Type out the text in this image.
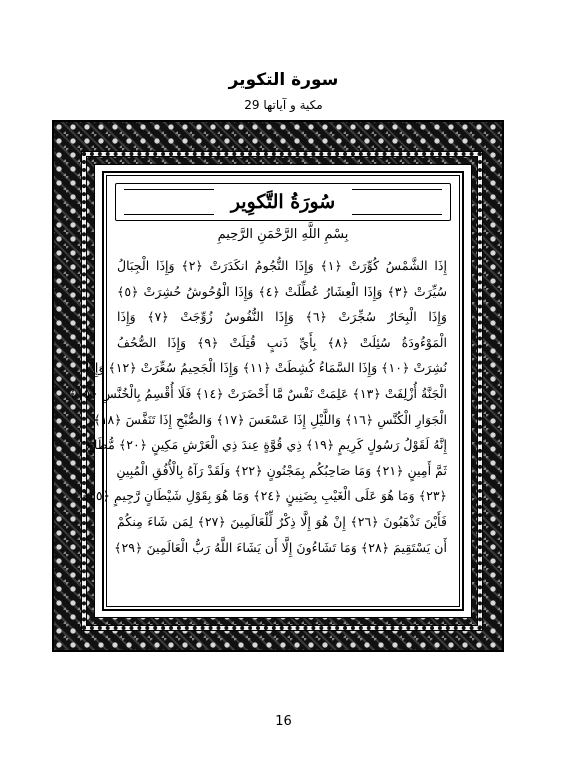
سورة التكوير
مكية و آياتها 29
سُورَةُ التَّكوِير
بِسْمِ اللَّهِ الرَّحْمَنِ الرَّحِيمِ
إِذَا الشَّمْسُ كُوِّرَتْ ﴿١﴾ وَإِذَا النُّجُومُ انكَدَرَتْ ﴿٢﴾ وَإِذَا الْجِبَالُ
سُيِّرَتْ ﴿٣﴾ وَإِذَا الْعِشَارُ عُطِّلَتْ ﴿٤﴾ وَإِذَا الْوُحُوشُ حُشِرَتْ ﴿٥﴾
وَإِذَا الْبِحَارُ سُجِّرَتْ ﴿٦﴾ وَإِذَا النُّفُوسُ زُوِّجَتْ ﴿٧﴾ وَإِذَا
الْمَوْءُودَةُ سُئِلَتْ ﴿٨﴾ بِأَيِّ ذَنبٍ قُتِلَتْ ﴿٩﴾ وَإِذَا الصُّحُفُ
نُشِرَتْ ﴿١٠﴾ وَإِذَا السَّمَاءُ كُشِطَتْ ﴿١١﴾ وَإِذَا الْجَحِيمُ سُعِّرَتْ ﴿١٢﴾ وَإِذَا
الْجَنَّةُ أُزْلِفَتْ ﴿١٣﴾ عَلِمَتْ نَفْسٌ مَّا أَحْضَرَتْ ﴿١٤﴾ فَلَا أُقْسِمُ بِالْخُنَّسِ ﴿١٥﴾
الْجَوَارِ الْكُنَّسِ ﴿١٦﴾ وَاللَّيْلِ إِذَا عَسْعَسَ ﴿١٧﴾ وَالصُّبْحِ إِذَا تَنَفَّسَ ﴿١٨﴾
إِنَّهُ لَقَوْلُ رَسُولٍ كَرِيمٍ ﴿١٩﴾ ذِي قُوَّةٍ عِندَ ذِي الْعَرْشِ مَكِينٍ ﴿٢٠﴾ مُّطَاعٍ
ثَمَّ أَمِينٍ ﴿٢١﴾ وَمَا صَاحِبُكُم بِمَجْنُونٍ ﴿٢٢﴾ وَلَقَدْ رَآهُ بِالْأُفُقِ الْمُبِينِ
﴿٢٣﴾ وَمَا هُوَ عَلَى الْغَيْبِ بِضَنِينٍ ﴿٢٤﴾ وَمَا هُوَ بِقَوْلِ شَيْطَانٍ رَّجِيمٍ ﴿٢٥﴾
فَأَيْنَ تَذْهَبُونَ ﴿٢٦﴾ إِنْ هُوَ إِلَّا ذِكْرٌ لِّلْعَالَمِينَ ﴿٢٧﴾ لِمَن شَاءَ مِنكُمْ
أَن يَسْتَقِيمَ ﴿٢٨﴾ وَمَا تَشَاءُونَ إِلَّا أَن يَشَاءَ اللَّهُ رَبُّ الْعَالَمِينَ ﴿٢٩﴾
16
